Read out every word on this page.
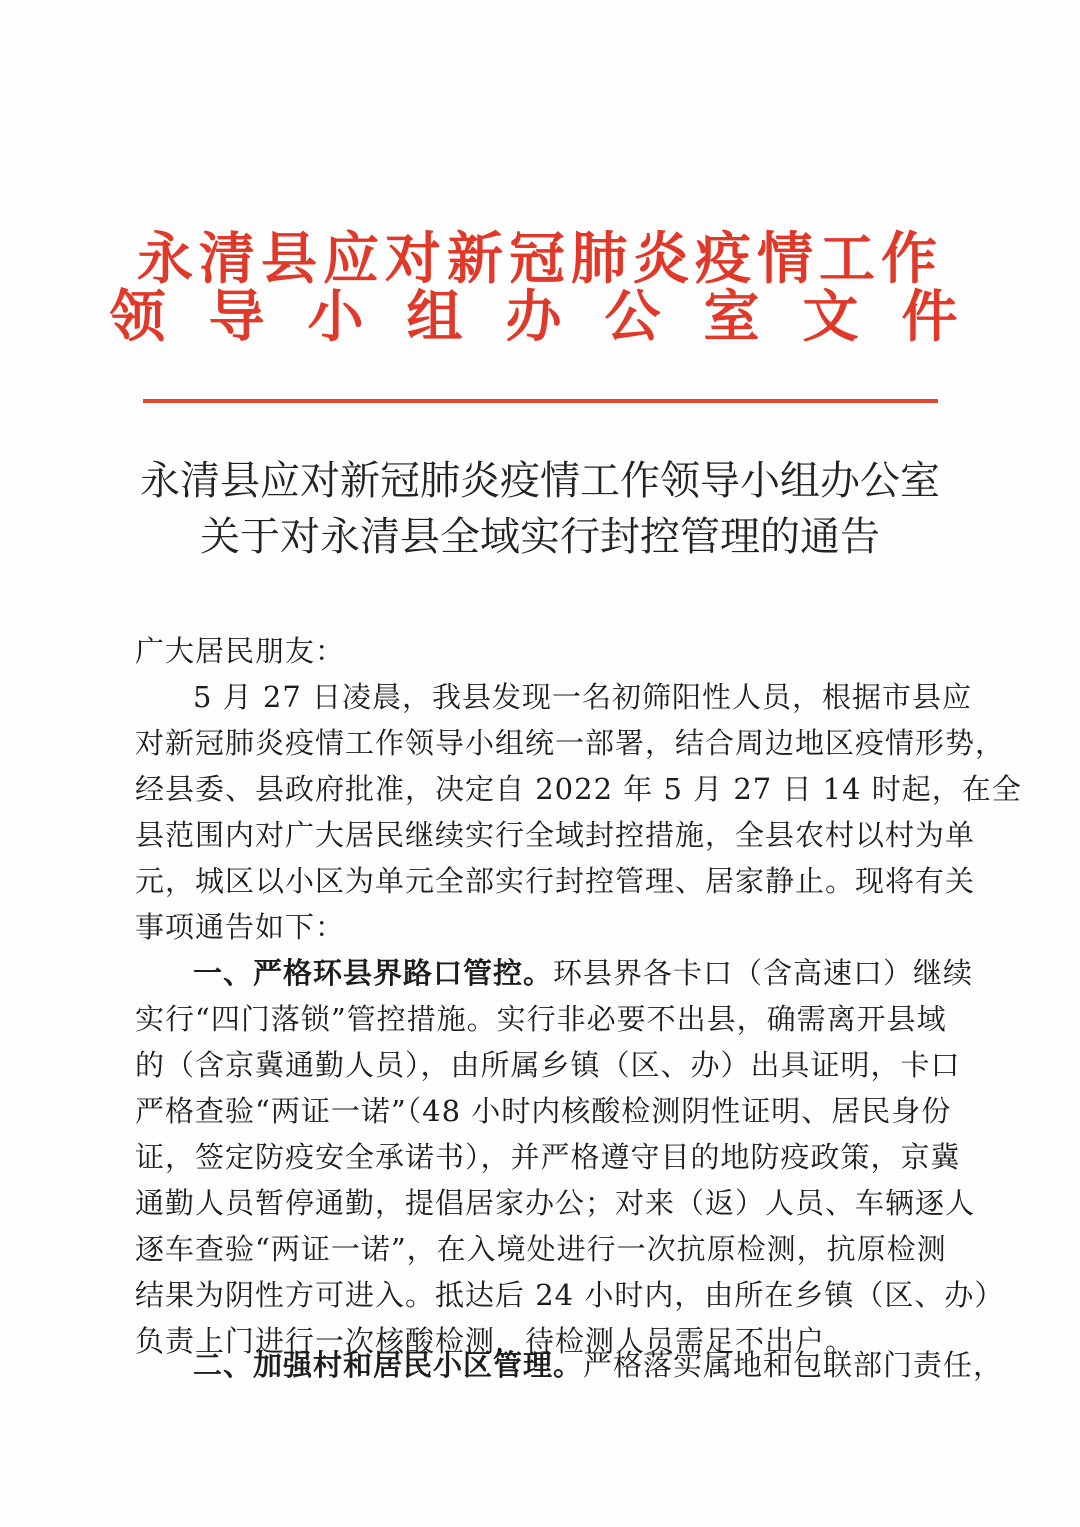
永清县应对新冠肺炎疫情工作
领导小组办公室文件
永清县应对新冠肺炎疫情工作领导小组办公室
关于对永清县全域实行封控管理的通告
广大居民朋友：
5 月 27 日凌晨，我县发现一名初筛阳性人员，根据市县应
对新冠肺炎疫情工作领导小组统一部署，结合周边地区疫情形势，
经县委、县政府批准，决定自 2022 年 5 月 27 日 14 时起，在全
县范围内对广大居民继续实行全域封控措施，全县农村以村为单
元，城区以小区为单元全部实行封控管理、居家静止。现将有关
事项通告如下：
一、严格环县界路口管控。环县界各卡口（含高速口）继续
实行“四门落锁”管控措施。实行非必要不出县，确需离开县域
的（含京冀通勤人员），由所属乡镇（区、办）出具证明，卡口
严格查验“两证一诺”（48 小时内核酸检测阴性证明、居民身份
证，签定防疫安全承诺书），并严格遵守目的地防疫政策，京冀
通勤人员暂停通勤，提倡居家办公；对来（返）人员、车辆逐人
逐车查验“两证一诺”，在入境处进行一次抗原检测，抗原检测
结果为阴性方可进入。抵达后 24 小时内，由所在乡镇（区、办）
负责上门进行一次核酸检测，待检测人员需足不出户。
二、加强村和居民小区管理。严格落实属地和包联部门责任，
